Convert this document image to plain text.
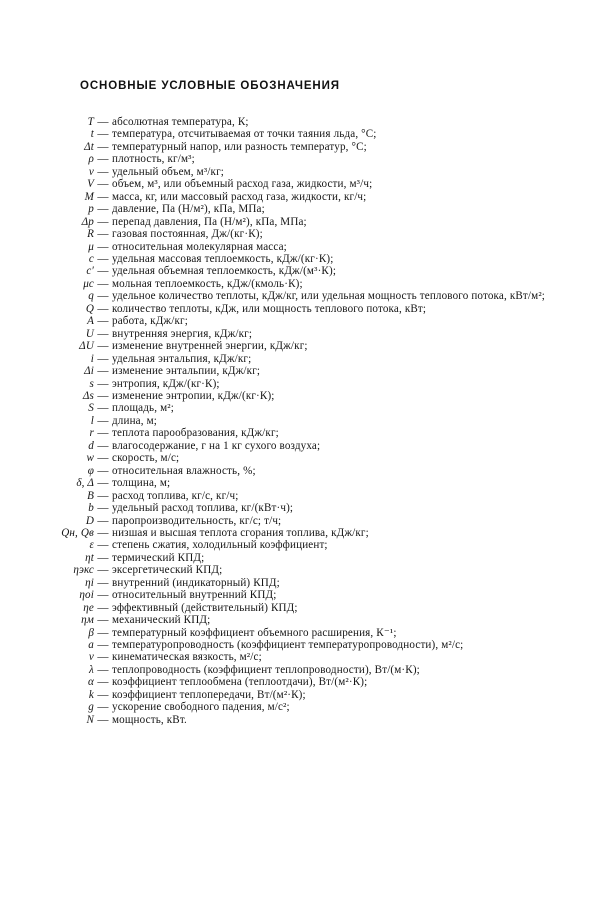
ОСНОВНЫЕ УСЛОВНЫЕ ОБОЗНАЧЕНИЯ
T — абсолютная температура, К;
t — температура, отсчитываемая от точки таяния льда, °С;
Δt — температурный напор, или разность температур, °С;
ρ — плотность, кг/м³;
v — удельный объем, м³/кг;
V — объем, м³, или объемный расход газа, жидкости, м³/ч;
M — масса, кг, или массовый расход газа, жидкости, кг/ч;
p — давление, Па (Н/м²), кПа, МПа;
Δp — перепад давления, Па (Н/м²), кПа, МПа;
R — газовая постоянная, Дж/(кг·К);
μ — относительная молекулярная масса;
c — удельная массовая теплоемкость, кДж/(кг·К);
c′ — удельная объемная теплоемкость, кДж/(м³·К);
μc — мольная теплоемкость, кДж/(кмоль·К);
q — удельное количество теплоты, кДж/кг, или удельная мощность теплового потока, кВт/м²;
Q — количество теплоты, кДж, или мощность теплового потока, кВт;
A — работа, кДж/кг;
U — внутренняя энергия, кДж/кг;
ΔU — изменение внутренней энергии, кДж/кг;
i — удельная энтальпия, кДж/кг;
Δi — изменение энтальпии, кДж/кг;
s — энтропия, кДж/(кг·К);
Δs — изменение энтропии, кДж/(кг·К);
S — площадь, м²;
l — длина, м;
r — теплота парообразования, кДж/кг;
d — влагосодержание, г на 1 кг сухого воздуха;
w — скорость, м/с;
φ — относительная влажность, %;
δ, Δ — толщина, м;
B — расход топлива, кг/с, кг/ч;
b — удельный расход топлива, кг/(кВт·ч);
D — паропроизводительность, кг/с; т/ч;
Qн, Qв — низшая и высшая теплота сгорания топлива, кДж/кг;
ε — степень сжатия, холодильный коэффициент;
ηt — термический КПД;
ηэкс — эксергетический КПД;
ηi — внутренний (индикаторный) КПД;
ηoi — относительный внутренний КПД;
ηe — эффективный (действительный) КПД;
ηм — механический КПД;
β — температурный коэффициент объемного расширения, К⁻¹;
a — температуропроводность (коэффициент температуропроводности), м²/с;
ν — кинематическая вязкость, м²/с;
λ — теплопроводность (коэффициент теплопроводности), Вт/(м·К);
α — коэффициент теплообмена (теплоотдачи), Вт/(м²·К);
k — коэффициент теплопередачи, Вт/(м²·К);
g — ускорение свободного падения, м/с²;
N — мощность, кВт.
